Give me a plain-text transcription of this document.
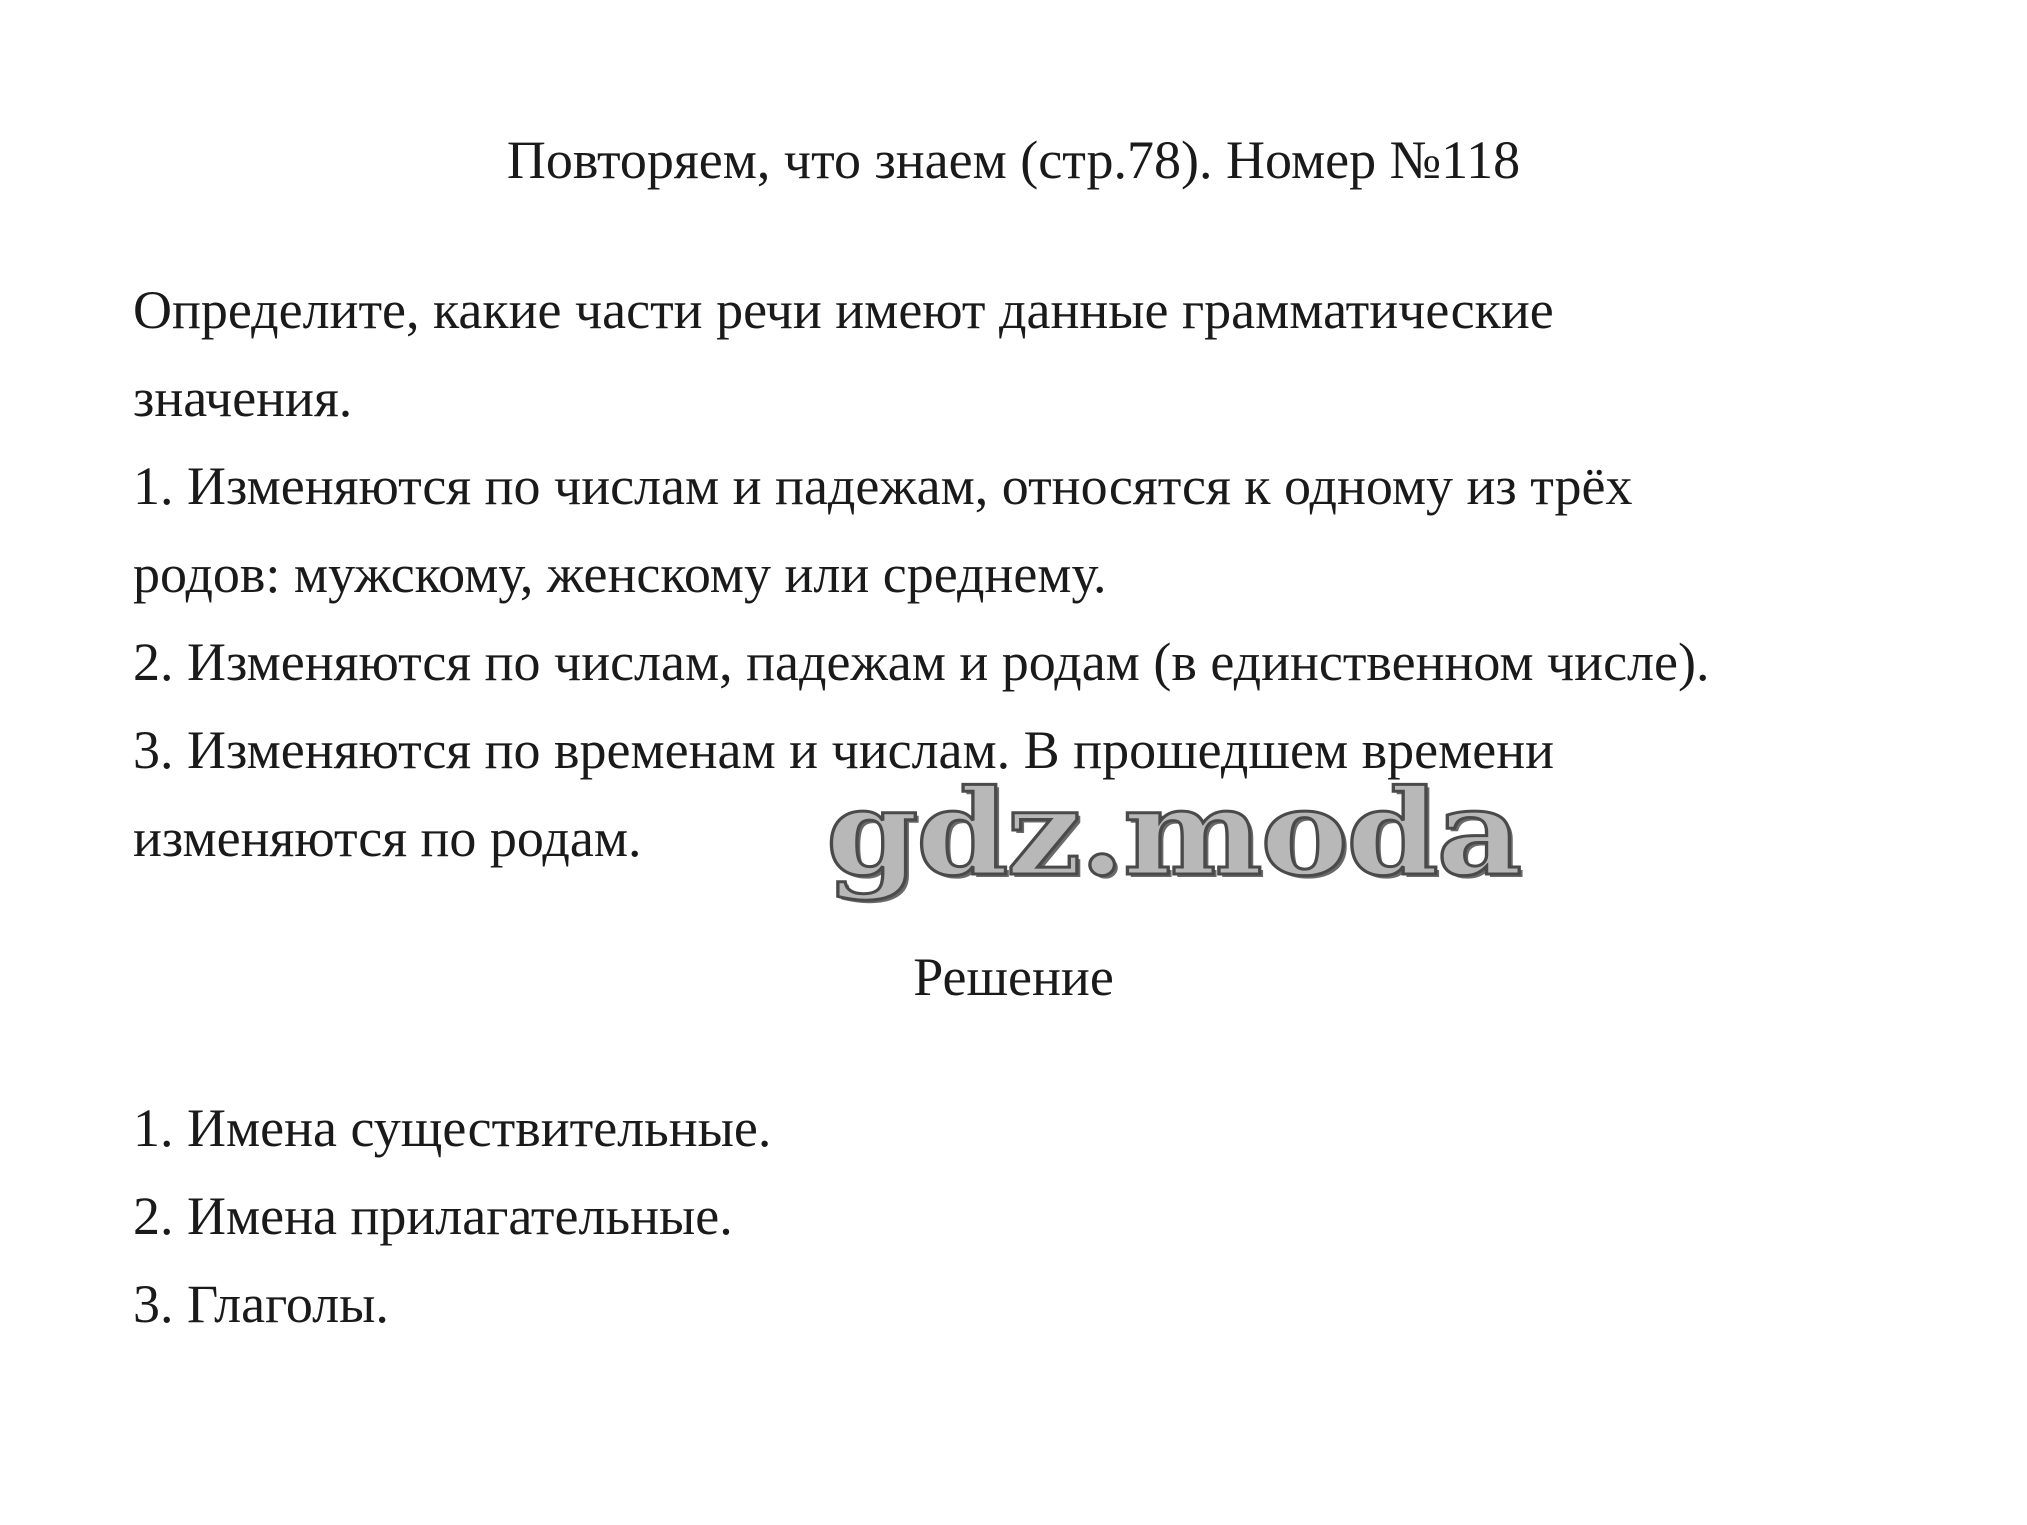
Повторяем, что знаем (стр.78). Номер №118
Определите, какие части речи имеют данные грамматические
значения.
1. Изменяются по числам и падежам, относятся к одному из трёх
родов: мужскому, женскому или среднему.
2. Изменяются по числам, падежам и родам (в единственном числе).
3. Изменяются по временам и числам. В прошедшем времени
изменяются по родам.	gdz.moda
Решение
1. Имена существительные.
2. Имена прилагательные.
3. Глаголы.
